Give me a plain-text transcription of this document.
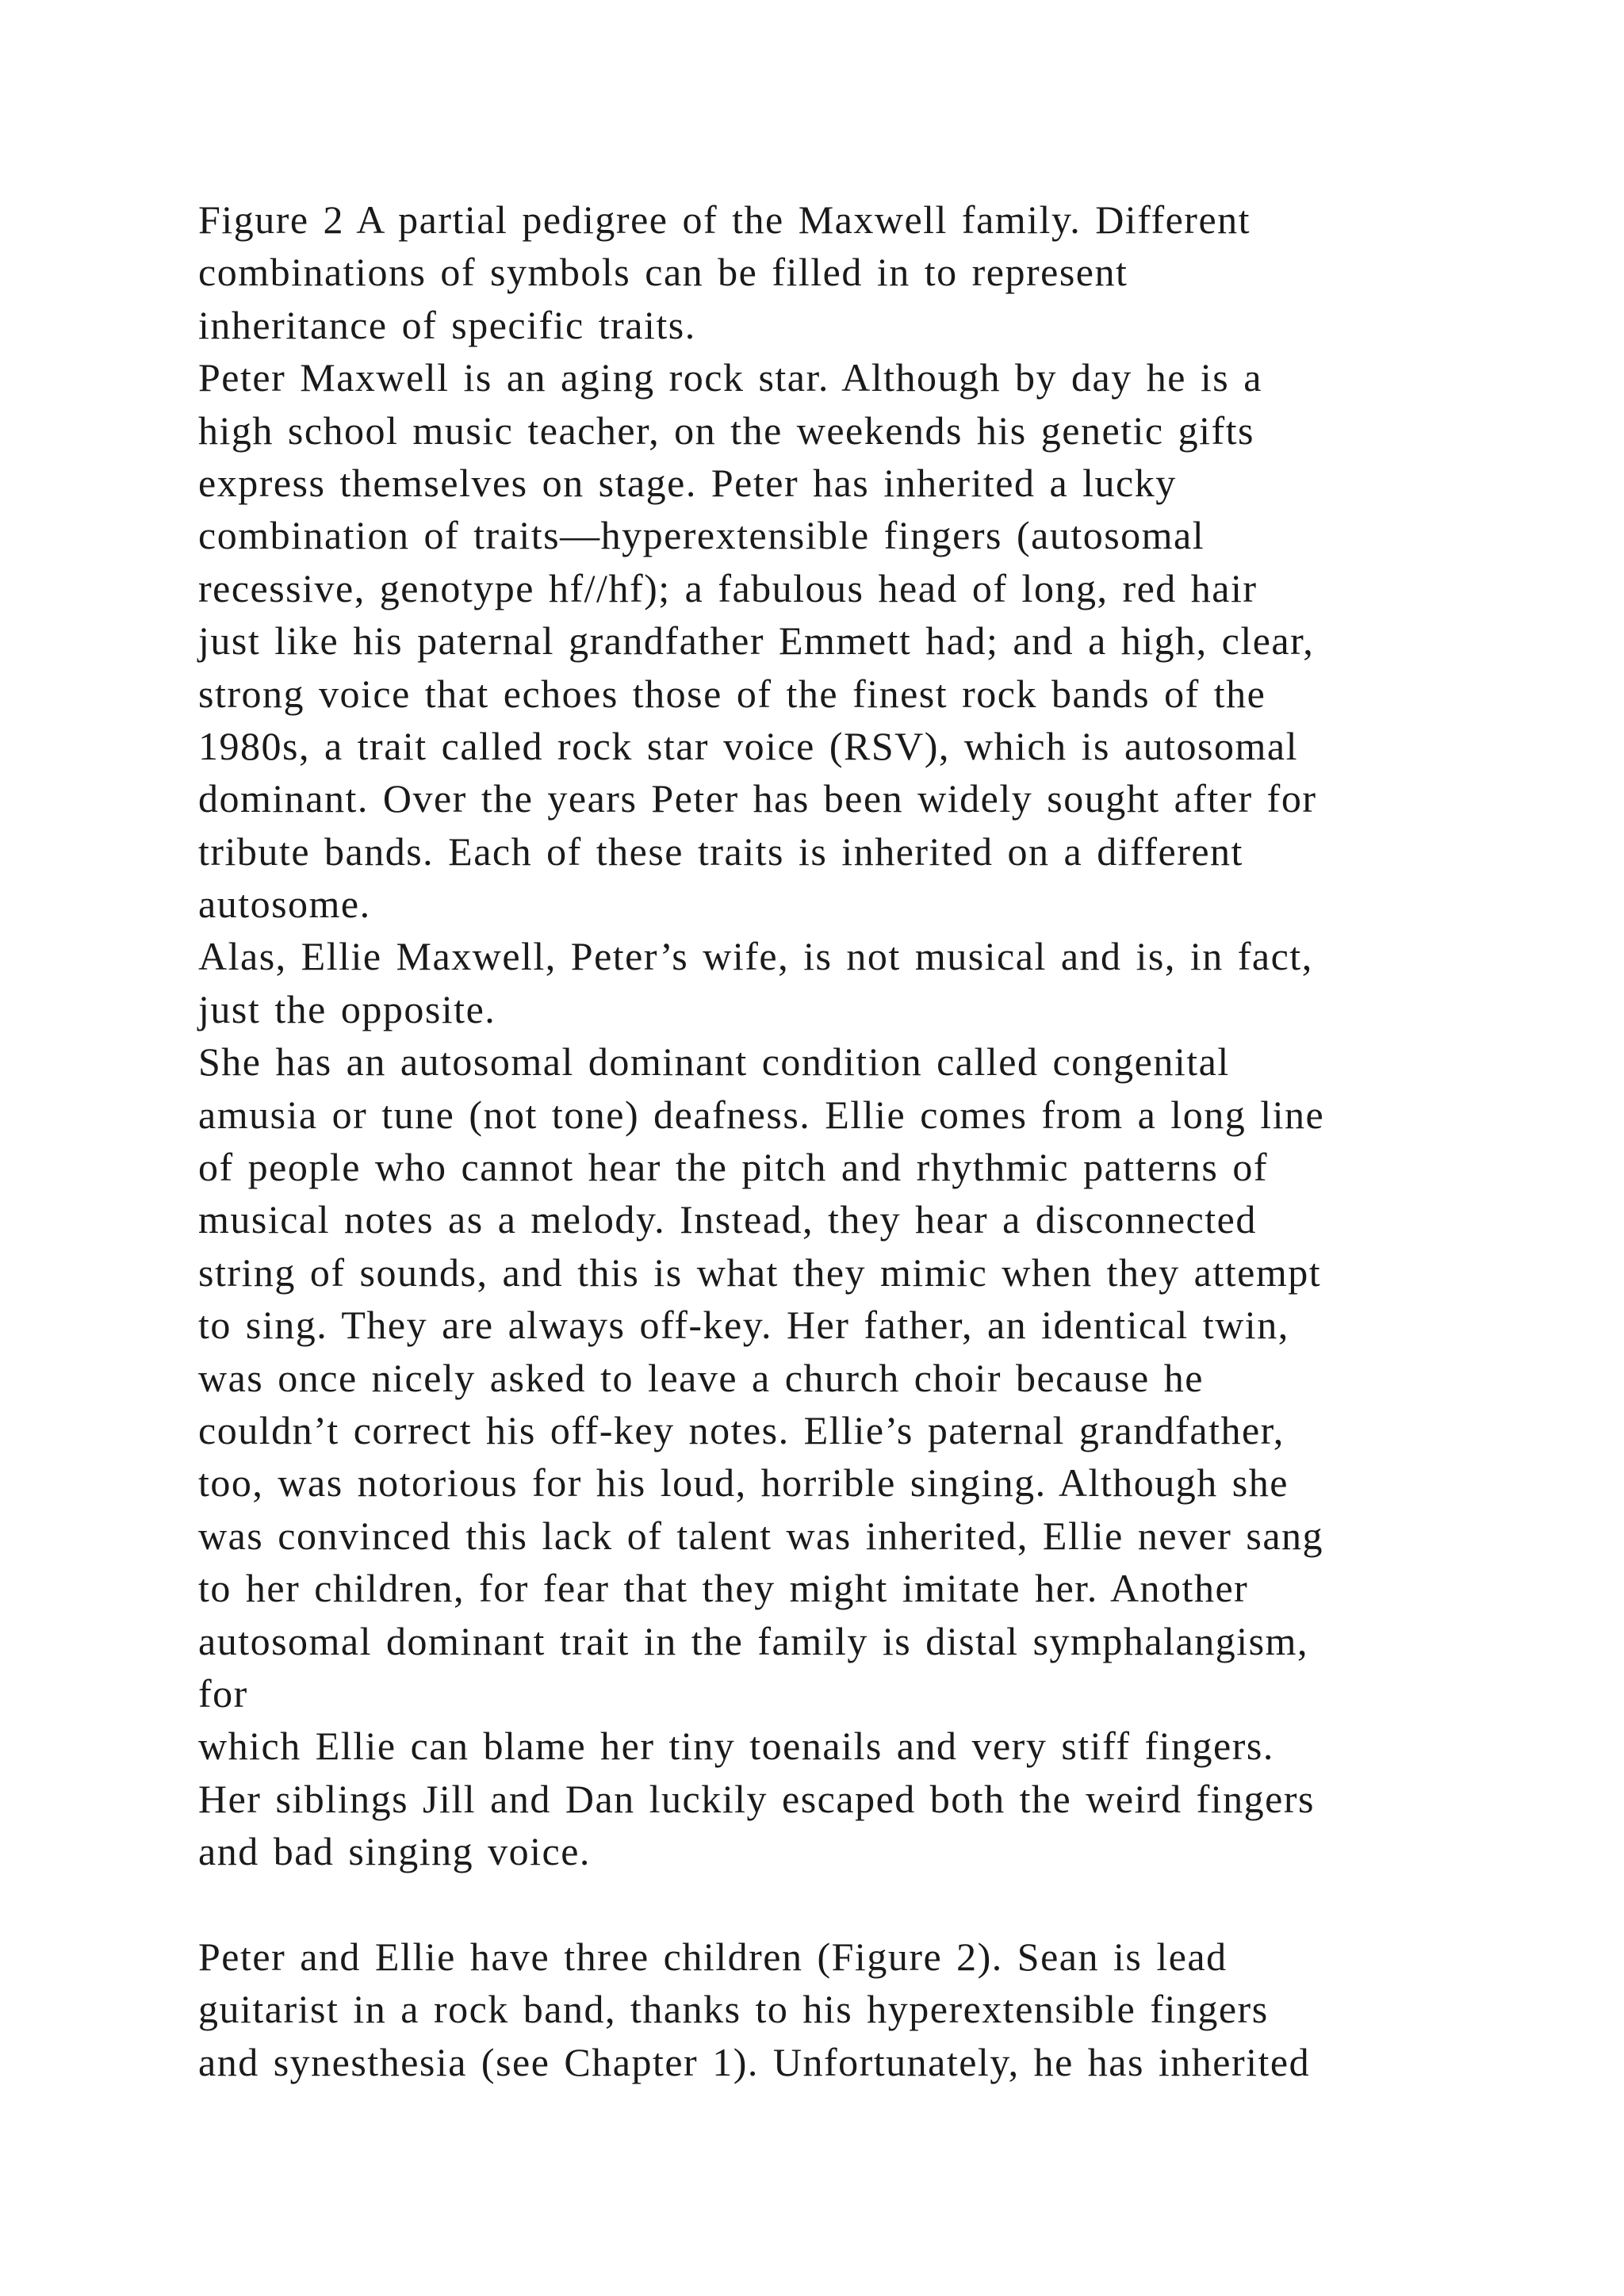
Figure 2 A partial pedigree of the Maxwell family. Different
combinations of symbols can be filled in to represent
inheritance of specific traits.
Peter Maxwell is an aging rock star. Although by day he is a
high school music teacher, on the weekends his genetic gifts
express themselves on stage. Peter has inherited a lucky
combination of traits—hyperextensible fingers (autosomal
recessive, genotype hf//hf); a fabulous head of long, red hair
just like his paternal grandfather Emmett had; and a high, clear,
strong voice that echoes those of the finest rock bands of the
1980s, a trait called rock star voice (RSV), which is autosomal
dominant. Over the years Peter has been widely sought after for
tribute bands. Each of these traits is inherited on a different
autosome.
Alas, Ellie Maxwell, Peter’s wife, is not musical and is, in fact,
just the opposite.
She has an autosomal dominant condition called congenital
amusia or tune (not tone) deafness. Ellie comes from a long line
of people who cannot hear the pitch and rhythmic patterns of
musical notes as a melody. Instead, they hear a disconnected
string of sounds, and this is what they mimic when they attempt
to sing. They are always off-key. Her father, an identical twin,
was once nicely asked to leave a church choir because he
couldn’t correct his off-key notes. Ellie’s paternal grandfather,
too, was notorious for his loud, horrible singing. Although she
was convinced this lack of talent was inherited, Ellie never sang
to her children, for fear that they might imitate her. Another
autosomal dominant trait in the family is distal symphalangism,
for
which Ellie can blame her tiny toenails and very stiff fingers.
Her siblings Jill and Dan luckily escaped both the weird fingers
and bad singing voice.
Peter and Ellie have three children (Figure 2). Sean is lead
guitarist in a rock band, thanks to his hyperextensible fingers
and synesthesia (see Chapter 1). Unfortunately, he has inherited
